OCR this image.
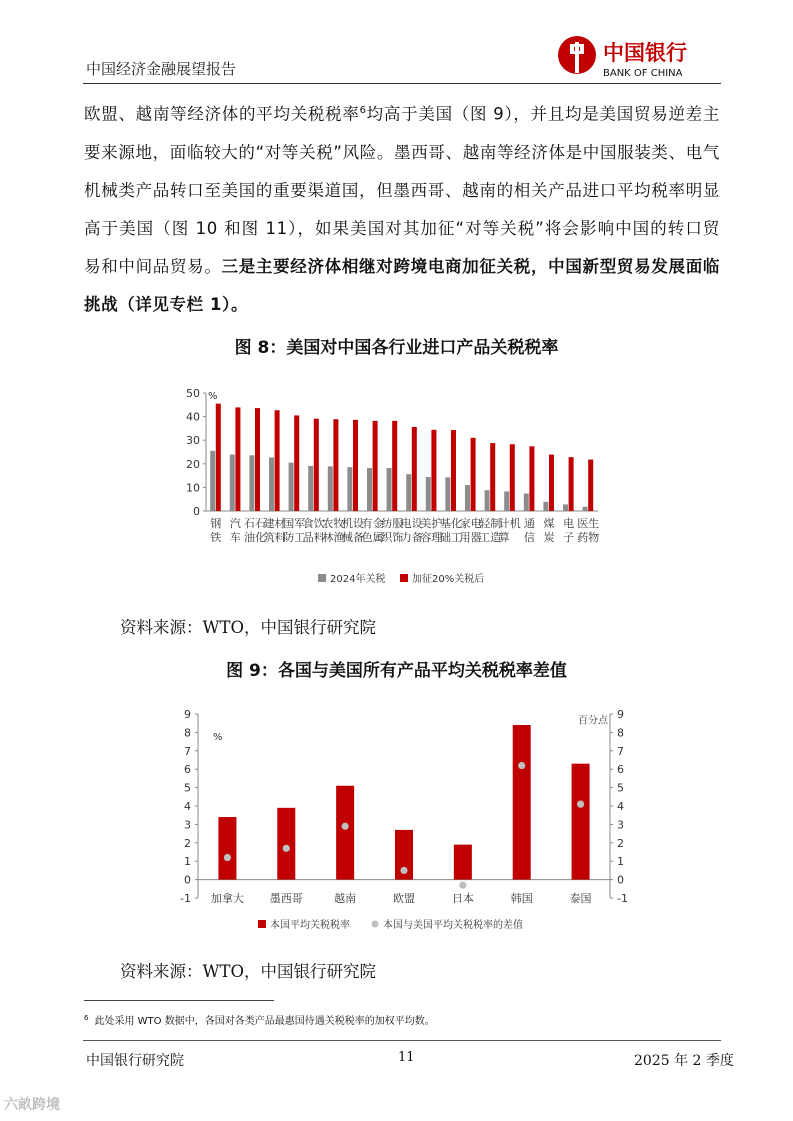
中国经济金融展望报告
中国银行
BANK OF CHINA
欧盟、越南等经济体的平均关税税率$^6$均高于美国（图 9），并且均是美国贸易逆差主要来源地，面临较大的“对等关税”风险。墨西哥、越南等经济体是中国服装类、电气机械类产品转口至美国的重要渠道国，但墨西哥、越南的相关产品进口平均税率明显高于美国（图 10 和图 11），如果美国对其加征“对等关税”将会影响中国的转口贸易和中间品贸易。三是主要经济体相继对跨境电商加征关税，中国新型贸易发展面临挑战（详见专栏 1）。
图 8：美国对中国各行业进口产品关税税率
0
10
20
30
40
50 %
钢
铁
汽
车
石
油
石
化
建
筑
材
料
国
防
军
工
食
品
饮
料
农
林
牧
渔
机
械
设
备
有
色
金
属
纺
织
服
饰
电
力
设
备
美
容
护
理
基
础
化
工
家
用
电
器
轻
工
制
造
计
算
机 通
信
煤
炭
电
子
医
药
生
物
2024年关税	加征20%关税后
资料来源：WTO，中国银行研究院
图 9：各国与美国所有产品平均关税税率差值
-1	-1
0	0
1	1
2	2
3	3
4	4
5	5
6	6
7	7
8	8
9	9
%
百分点
加拿大 墨西哥	越南	欧盟	日本	韩国	泰国
本国平均关税税率	本国与美国平均关税税率的差值
资料来源：WTO，中国银行研究院
$^6$ 此处采用 WTO 数据中，各国对各类产品最惠国待遇关税税率的加权平均数。
中国银行研究院	11	2025 年 2 季度
六畝跨境
